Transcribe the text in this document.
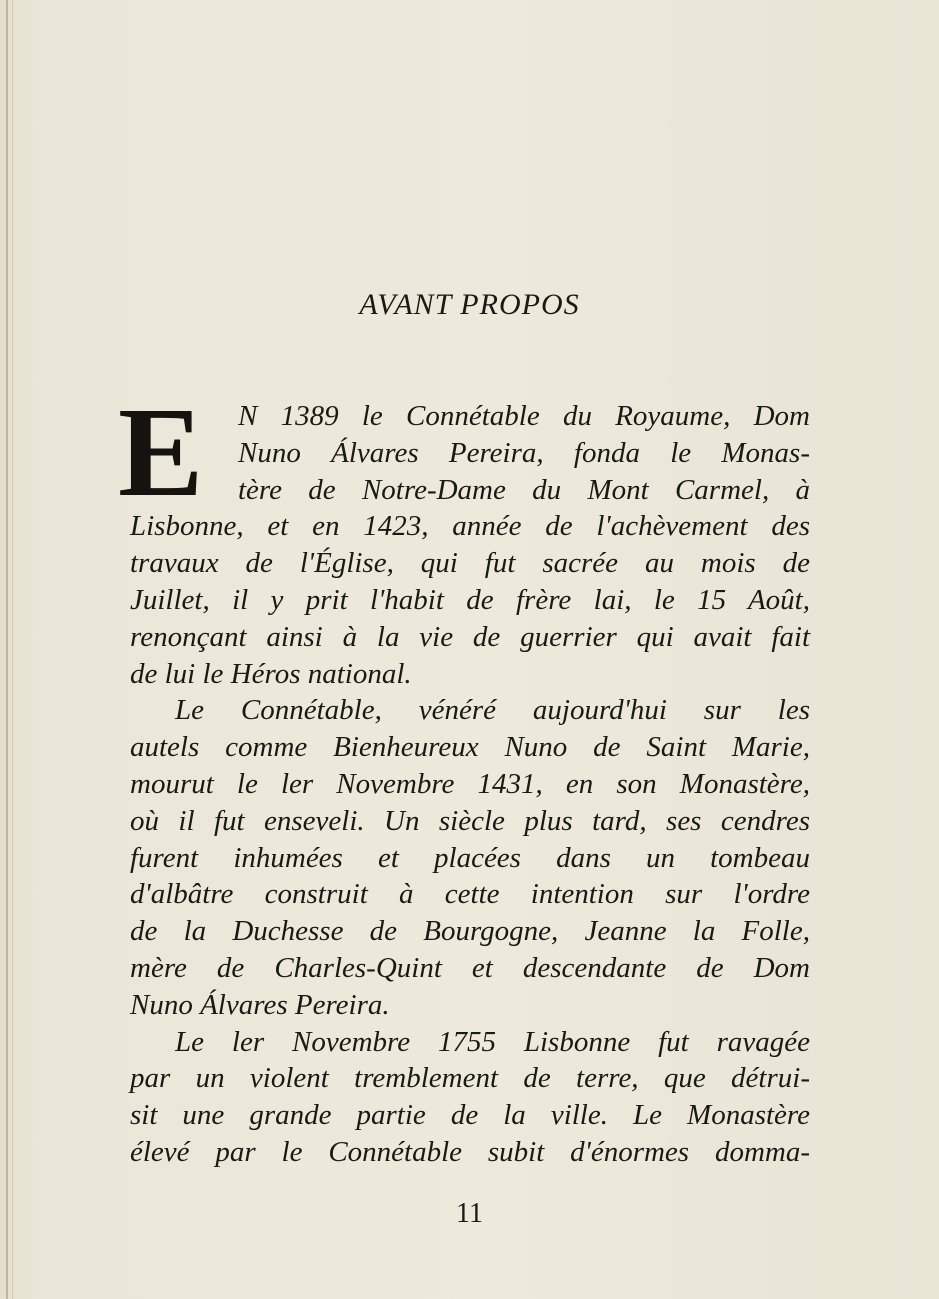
AVANT PROPOS
E	N 1389 le Connétable du Royaume, Dom
Nuno Álvares Pereira, fonda le Monas-
tère de Notre-Dame du Mont Carmel, à
Lisbonne, et en 1423, année de l'achèvement des
travaux de l'Église, qui fut sacrée au mois de
Juillet, il y prit l'habit de frère lai, le 15 Août,
renonçant ainsi à la vie de guerrier qui avait fait
de lui le Héros national.
Le Connétable, vénéré aujourd'hui sur les
autels comme Bienheureux Nuno de Saint Marie,
mourut le ler Novembre 1431, en son Monastère,
où il fut enseveli. Un siècle plus tard, ses cendres
furent inhumées et placées dans un tombeau
d'albâtre construit à cette intention sur l'ordre
de la Duchesse de Bourgogne, Jeanne la Folle,
mère de Charles-Quint et descendante de Dom
Nuno Álvares Pereira.
Le ler Novembre 1755 Lisbonne fut ravagée
par un violent tremblement de terre, que détrui-
sit une grande partie de la ville. Le Monastère
élevé par le Connétable subit d'énormes domma-
11
